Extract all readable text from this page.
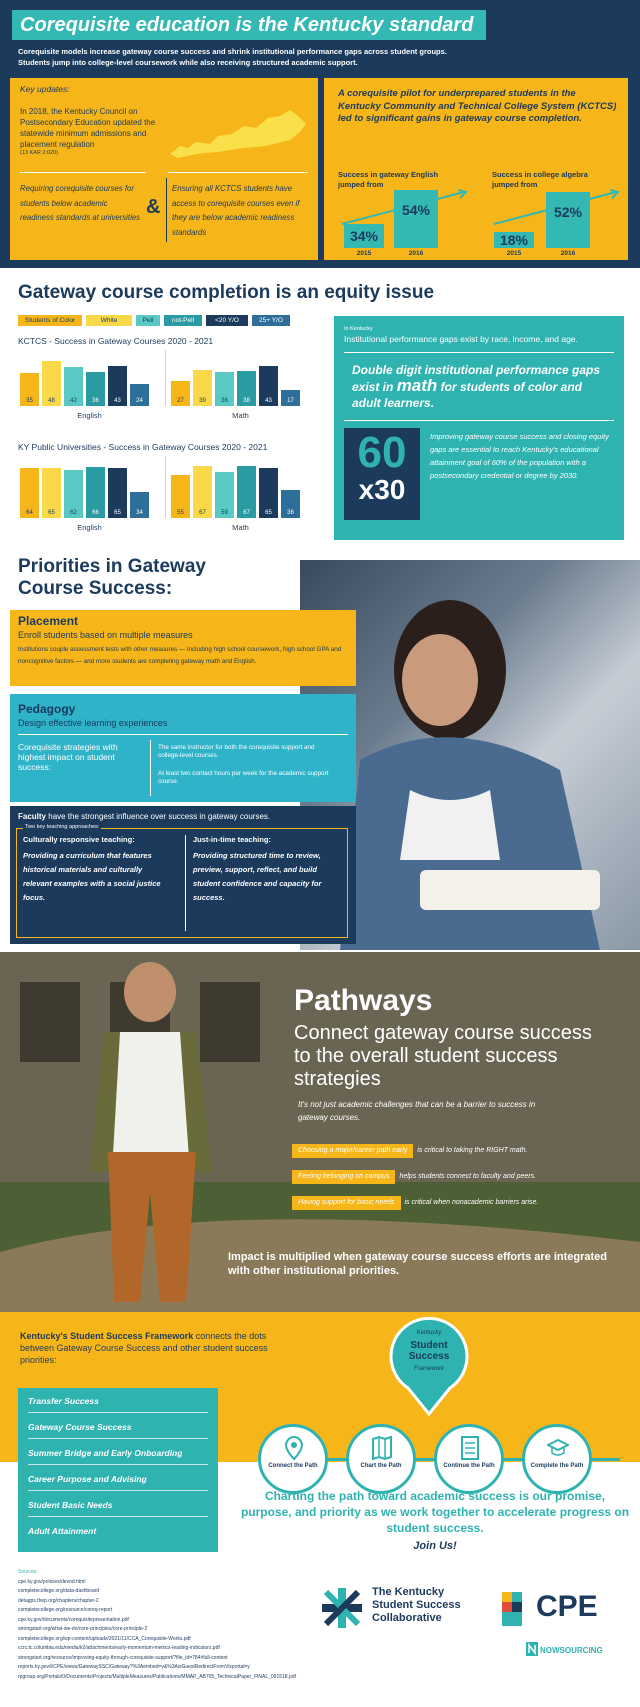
Corequisite education is the Kentucky standard
Corequisite models increase gateway course success and shrink institutional performance gaps across student groups.
Students jump into college-level coursework while also receiving structured academic support.
Key updates:
In 2018, the Kentucky Council on Postsecondary Education updated the statewide minimum admissions and placement regulation
(13 KAR 2:020)
Requiring corequisite courses for students below academic readiness standards at universities &
Ensuring all KCTCS students have access to corequisite courses even if they are below academic readiness standards
A corequisite pilot for underprepared students in the Kentucky Community and Technical College System (KCTCS) led to significant gains in gateway course completion.
Success in gateway English jumped from
Success in college algebra jumped from
34%
54%
18%
52%
2015	2016	2015	2016
Gateway course completion is an equity issue
KCTCS - Success in Gateway Courses 2020 - 2021
35	48	42	36	43	24
English
27	39	36	38	43	17
Math
KY Public Universities - Success in Gateway Courses 2020 - 2021
64	65	62	66	65	34
English
55	67	59	67	65	36
Math
In Kentucky
Institutional performance gaps exist by race, income, and age.
Double digit institutional performance gaps exist in math for students of color and adult learners.
60
x30
Improving gateway course success and closing equity gaps are essential to reach Kentucky's educational attainment goal of 60% of the population with a postsecondary credential or degree by 2030.
Priorities in Gateway Course Success:
Placement
Enroll students based on multiple measures
Institutions couple assessment tests with other measures — including high school coursework, high school GPA and noncognitive factors — and more students are completing gateway math and English.
Pedagogy
Design effective learning experiences
Corequisite strategies with highest impact on student success:
The same instructor for both the corequisite support and college-level courses.
At least two contact hours per week for the academic support course.
Faculty have the strongest influence over success in gateway courses.
Two key teaching approaches:
Culturally responsive teaching:
Providing a curriculum that features historical materials and culturally relevant examples with a social justice focus.
Just-in-time teaching:
Providing structured time to review, preview, support, reflect, and build student confidence and capacity for success.
Pathways
Connect gateway course success to the overall student success strategies
It's not just academic challenges that can be a barrier to success in gateway courses.
Choosing a major/career path early is critical to taking the RIGHT math.
Feeling belonging on campus helps students connect to faculty and peers.
Having support for basic needs is critical when nonacademic barriers arise.
Impact is multiplied when gateway course success efforts are integrated with other institutional priorities.
Kentucky's Student Success Framework connects the dots between Gateway Course Success and other student success priorities:
Transfer Success
Gateway Course Success
Summer Bridge and Early Onboarding
Career Purpose and Advising
Student Basic Needs
Adult Attainment
Kentucky
Student Success
Framework
Connect the Path	Chart the Path	Continue the Path	Complete the Path
Charting the path toward academic success is our promise, purpose, and priority as we work together to accelerate progress on student success.
Join Us!
Sources:
cpe.ky.gov/policies/devod.html
completecollege.org/data-dashboard
detagps.thep.org/chapters/chapter-2
completecollege.org/resource/coreq-report
cpe.ky.gov/documents/corequisitepresentation.pdf
strongstart.org/what-we-do/core-principles/core-principle-2
completecollege.org/wp-content/uploads/2021/11/CCA_Corequisite-Works.pdf
ccrc.tc.columbia.edu/media/k2/attachments/early-momentum-metrics-leading-indicators.pdf
strongstart.org/resource/improving-equity-through-corequisite-support/?file_id=784#full-content
reports.ky.gov/t/CPE/views/GatewaySSC/Gateway?%3Aembed=y&%3AisGuestRedirectFromVizportal=y
rpgroup.org/Portals/0/Documents/Projects/MultipleMeasures/Publications/MMAP_AB705_TechnicalPaper_FINAL_091518.pdf
The Kentucky
Student Success
Collaborative	CPE
NOWSOURCING
Students of Color	White	Pell	not-Pell	<20 Y/O	25+ Y/O
